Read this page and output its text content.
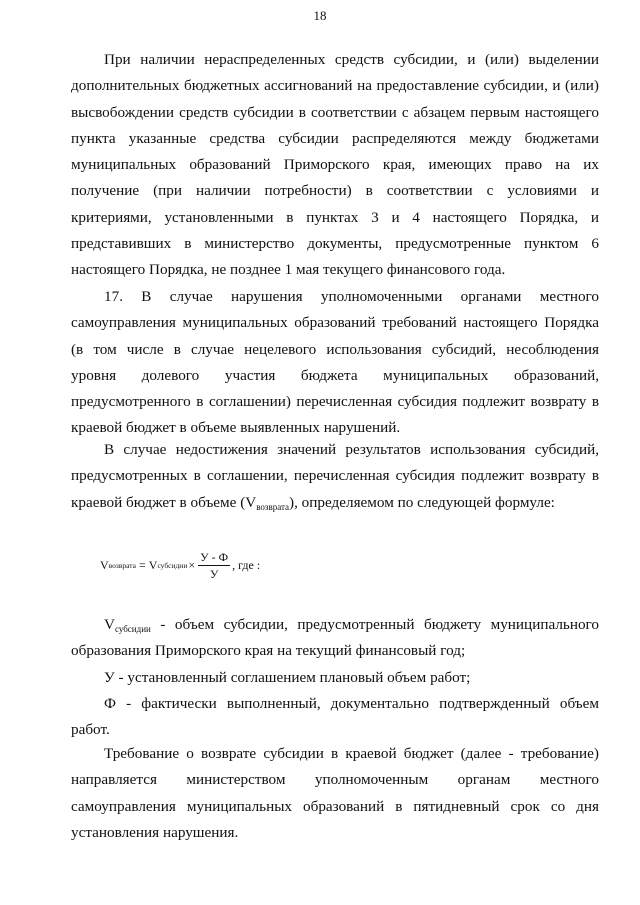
18
При наличии нераспределенных средств субсидии, и (или) выделении
дополнительных бюджетных ассигнований на предоставление субсидии, и (или)
высвобождении средств субсидии в соответствии с абзацем первым настоящего
пункта указанные средства субсидии распределяются между бюджетами
муниципальных образований Приморского края, имеющих право на их
получение (при наличии потребности) в соответствии с условиями и
критериями, установленными в пунктах 3 и 4 настоящего Порядка, и
представивших в министерство документы, предусмотренные пунктом 6
настоящего Порядка, не позднее 1 мая текущего финансового года.
17. В случае нарушения уполномоченными органами местного
самоуправления муниципальных образований требований настоящего Порядка
(в том числе в случае нецелевого использования субсидий, несоблюдения
уровня долевого участия бюджета муниципальных образований,
предусмотренного в соглашении) перечисленная субсидия подлежит возврату в
краевой бюджет в объеме выявленных нарушений.
В случае недостижения значений результатов использования субсидий,
предусмотренных в соглашении, перечисленная субсидия подлежит возврату в
краевой бюджет в объеме (Vвозврата), определяемом по следующей формуле:
V возврата = V субсидии × $\frac{У - Ф}{У}$ , где :
Vсубсидии - объем субсидии, предусмотренный бюджету муниципального
образования Приморского края на текущий финансовый год;
У - установленный соглашением плановый объем работ;
Ф - фактически выполненный, документально подтвержденный объем
работ.
Требование о возврате субсидии в краевой бюджет (далее - требование)
направляется министерством уполномоченным органам местного
самоуправления муниципальных образований в пятидневный срок со дня
установления нарушения.
